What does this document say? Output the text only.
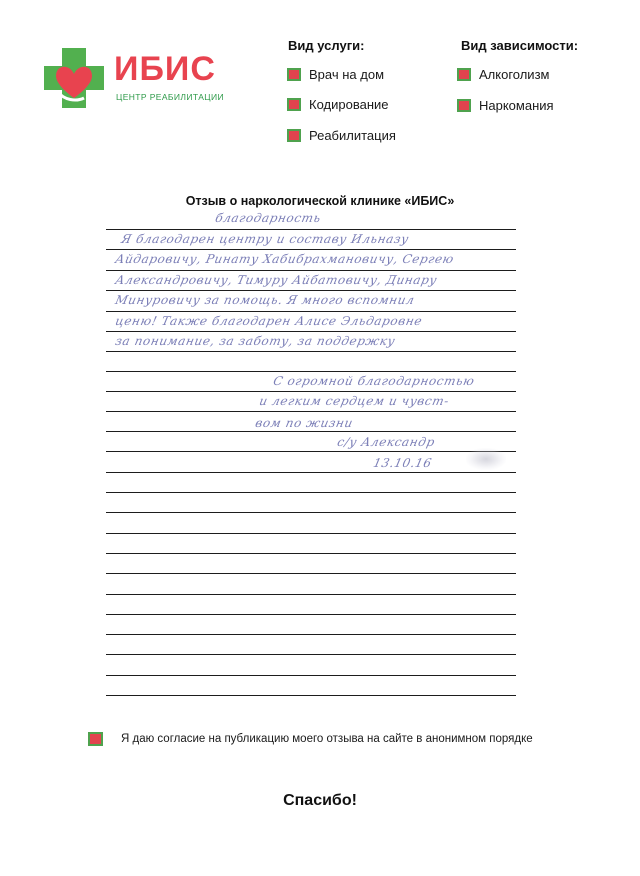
ИБИС
ЦЕНТР РЕАБИЛИТАЦИИ
Вид услуги:
Врач на дом
Кодирование
Реабилитация
Вид зависимости:
Алкоголизм
Наркомания
Отзыв о наркологической клинике «ИБИС»
благодарность
Я благодарен центру и составу Ильназу
Айдаровичу, Ринату Хабибрахмановичу, Сергею
Александровичу, Тимуру Айбатовичу, Динару
Минуровичу за помощь. Я много вспомнил
ценю! Также благодарен Алисе Эльдаровне
за понимание, за заботу, за поддержку
С огромной благодарностью
и легким сердцем и чувст-
вом по жизни
с/у Александр
13.10.16
Я даю согласие на публикацию моего отзыва на сайте в анонимном порядке
Спасибо!
